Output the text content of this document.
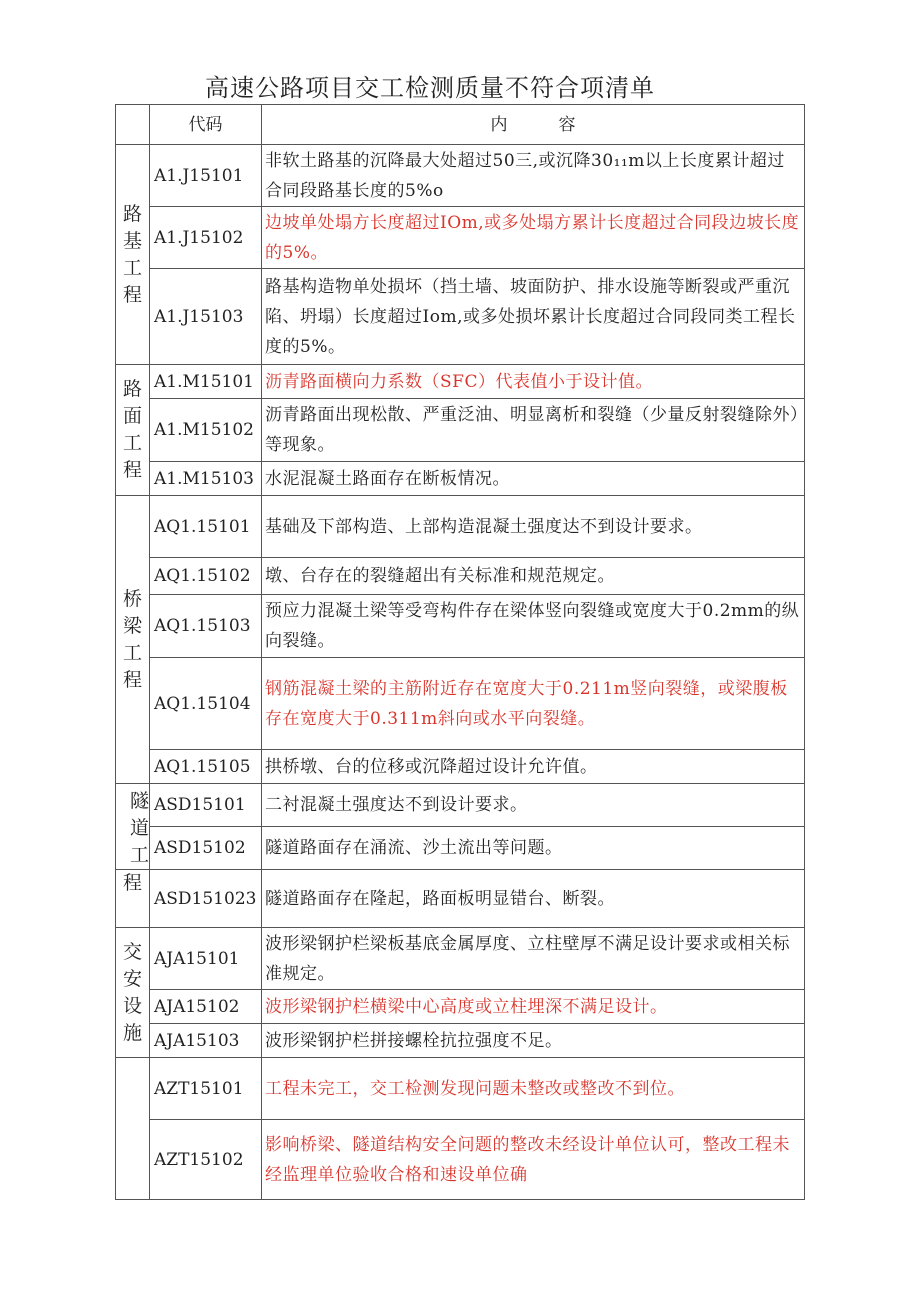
高速公路项目交工检测质量不符合项清单
	代码	内　　　容
路基工程	A1.J15101	非软土路基的沉降最大处超过50三,或沉降30₁₁m以上长度累计超过合同段路基长度的5%o
	A1.J15102	边坡单处塌方长度超过IOm,或多处塌方累计长度超过合同段边坡长度的5%。
	A1.J15103	路基构造物单处损坏（挡土墙、坡面防护、排水设施等断裂或严重沉陷、坍塌）长度超过Iom,或多处损坏累计长度超过合同段同类工程长度的5%。
路面工程	A1.M15101	沥青路面横向力系数（SFC）代表值小于设计值。
	A1.M15102	沥青路面出现松散、严重泛油、明显离析和裂缝（少量反射裂缝除外）等现象。
	A1.M15103	水泥混凝土路面存在断板情况。
桥梁工程	AQ1.15101	基础及下部构造、上部构造混凝土强度达不到设计要求。
	AQ1.15102	墩、台存在的裂缝超出有关标准和规范规定。
	AQ1.15103	预应力混凝土梁等受弯构件存在梁体竖向裂缝或宽度大于0.2mm的纵向裂缝。
	AQ1.15104	钢筋混凝土梁的主筋附近存在宽度大于0.211m竖向裂缝，或梁腹板存在宽度大于0.311m斜向或水平向裂缝。
	AQ1.15105	拱桥墩、台的位移或沉降超过设计允许值。
隧道工	ASD15101	二衬混凝土强度达不到设计要求。
	ASD15102	隧道路面存在涌流、沙土流出等问题。
程	ASD151023	隧道路面存在隆起，路面板明显错台、断裂。
交安设施	AJA15101	波形梁钢护栏梁板基底金属厚度、立柱壁厚不满足设计要求或相关标准规定。
	AJA15102	波形梁钢护栏横梁中心高度或立柱埋深不满足设计。
	AJA15103	波形梁钢护栏拼接螺栓抗拉强度不足。
	AZT15101	工程未完工，交工检测发现问题未整改或整改不到位。
	AZT15102	影响桥梁、隧道结构安全问题的整改未经设计单位认可，整改工程未经监理单位验收合格和速设单位确
